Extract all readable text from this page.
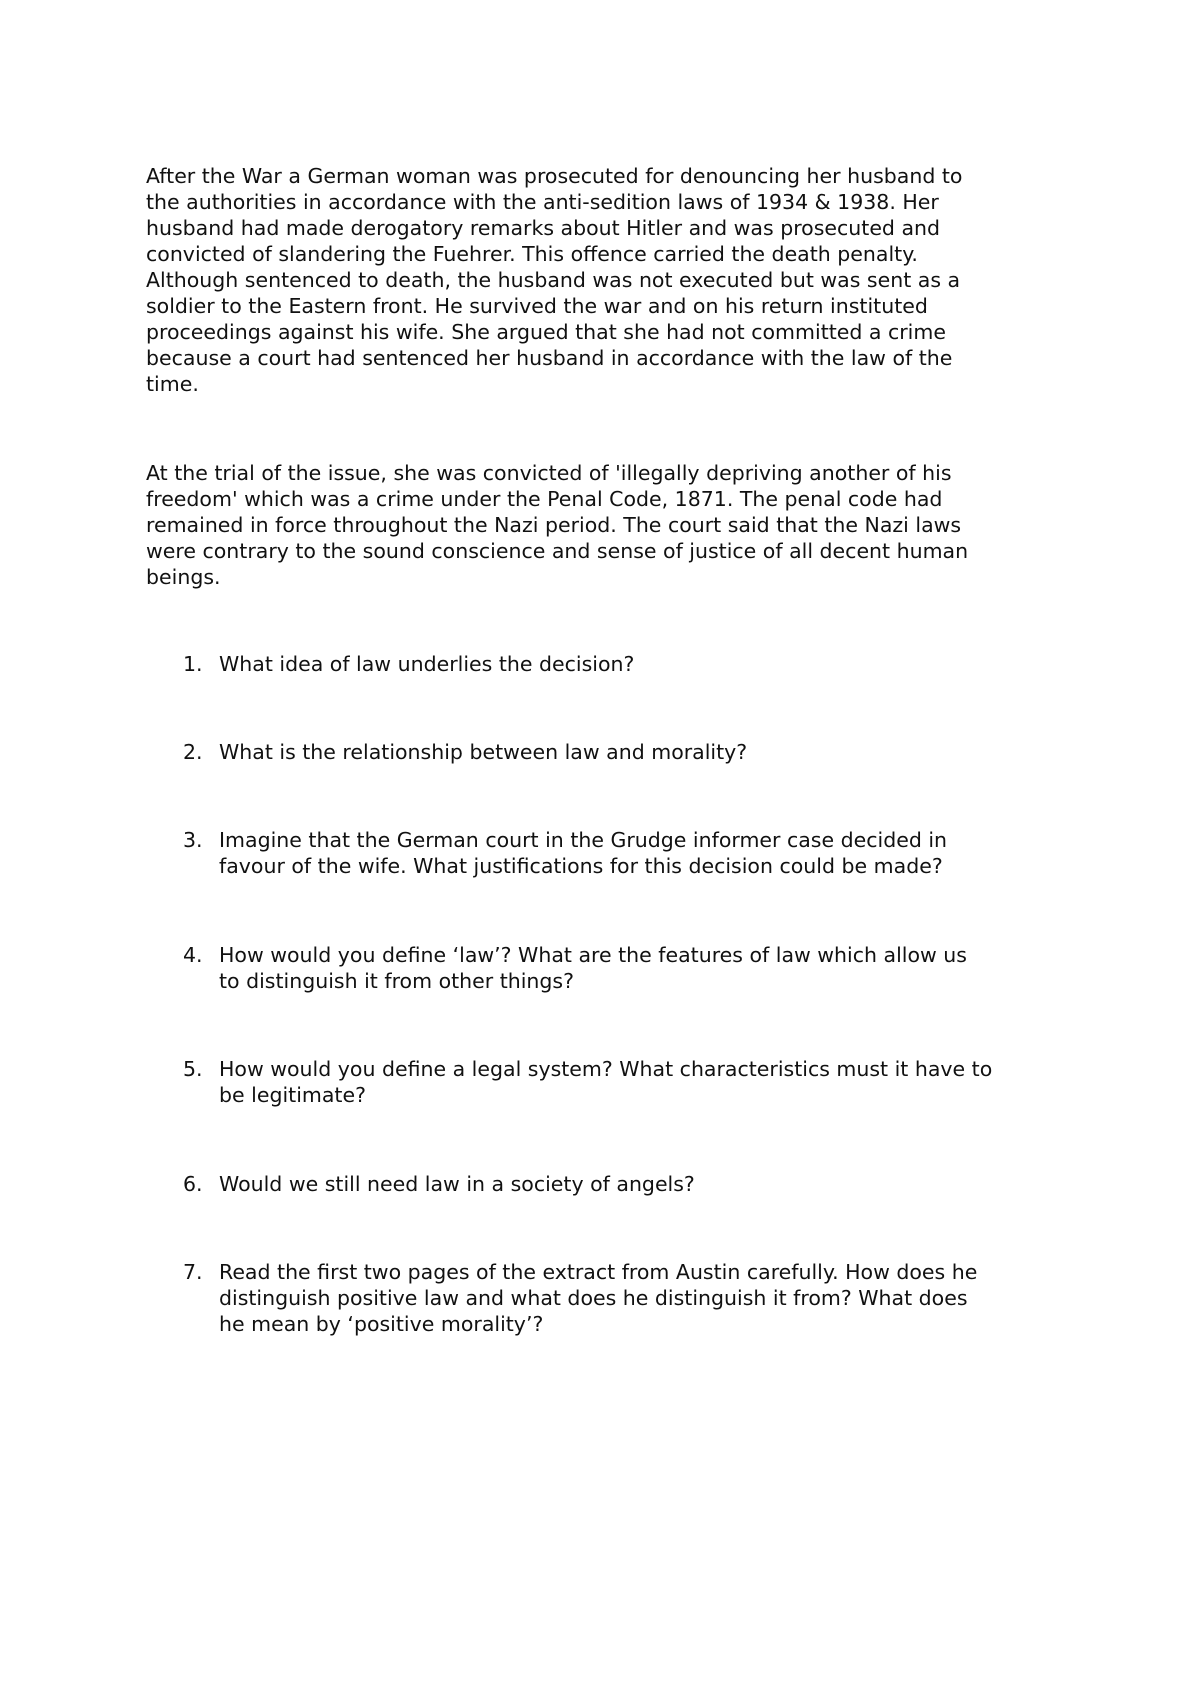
After the War a German woman was prosecuted for denouncing her husband to
the authorities in accordance with the anti-sedition laws of 1934 & 1938. Her
husband had made derogatory remarks about Hitler and was prosecuted and
convicted of slandering the Fuehrer. This offence carried the death penalty.
Although sentenced to death, the husband was not executed but was sent as a
soldier to the Eastern front. He survived the war and on his return instituted
proceedings against his wife. She argued that she had not committed a crime
because a court had sentenced her husband in accordance with the law of the
time.

At the trial of the issue, she was convicted of 'illegally depriving another of his
freedom' which was a crime under the Penal Code, 1871. The penal code had
remained in force throughout the Nazi period. The court said that the Nazi laws
were contrary to the sound conscience and sense of justice of all decent human
beings.

1. What idea of law underlies the decision?
2. What is the relationship between law and morality?
3. Imagine that the German court in the Grudge informer case decided in
favour of the wife. What justifications for this decision could be made?
4. How would you define ‘law’? What are the features of law which allow us
to distinguish it from other things?
5. How would you define a legal system? What characteristics must it have to
be legitimate?
6. Would we still need law in a society of angels?
7. Read the first two pages of the extract from Austin carefully. How does he
distinguish positive law and what does he distinguish it from? What does
he mean by ‘positive morality’?
